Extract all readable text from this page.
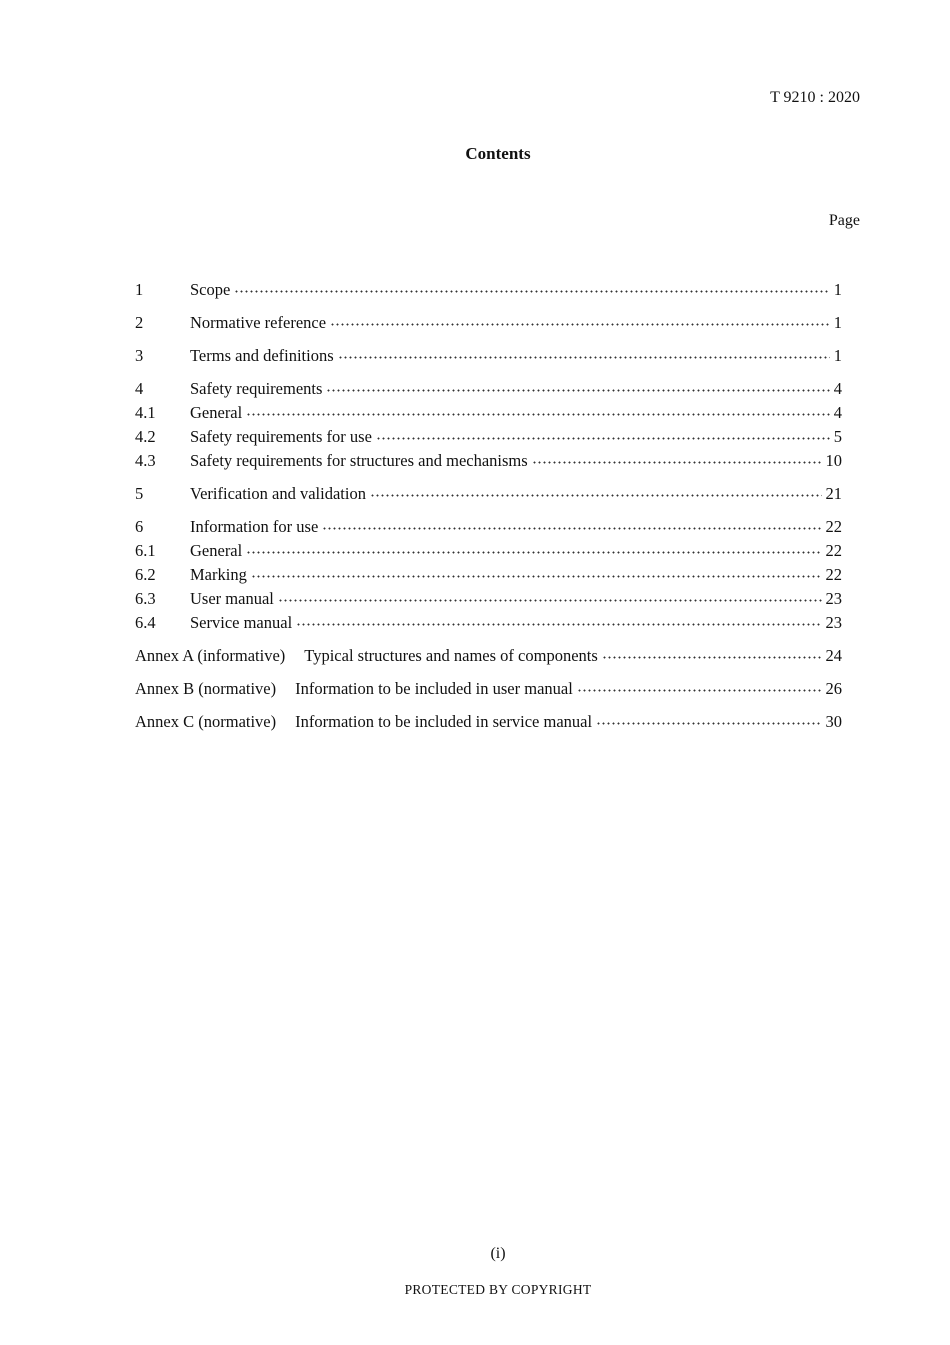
T 9210 : 2020
Contents
Page
1	Scope	1
2	Normative reference	1
3	Terms and definitions	1
4	Safety requirements	4
4.1	General	4
4.2	Safety requirements for use	5
4.3	Safety requirements for structures and mechanisms	10
5	Verification and validation	21
6	Information for use	22
6.1	General	22
6.2	Marking	22
6.3	User manual	23
6.4	Service manual	23
Annex A (informative) Typical structures and names of components	24
Annex B (normative) Information to be included in user manual	26
Annex C (normative) Information to be included in service manual	30
(i)
PROTECTED BY COPYRIGHT
